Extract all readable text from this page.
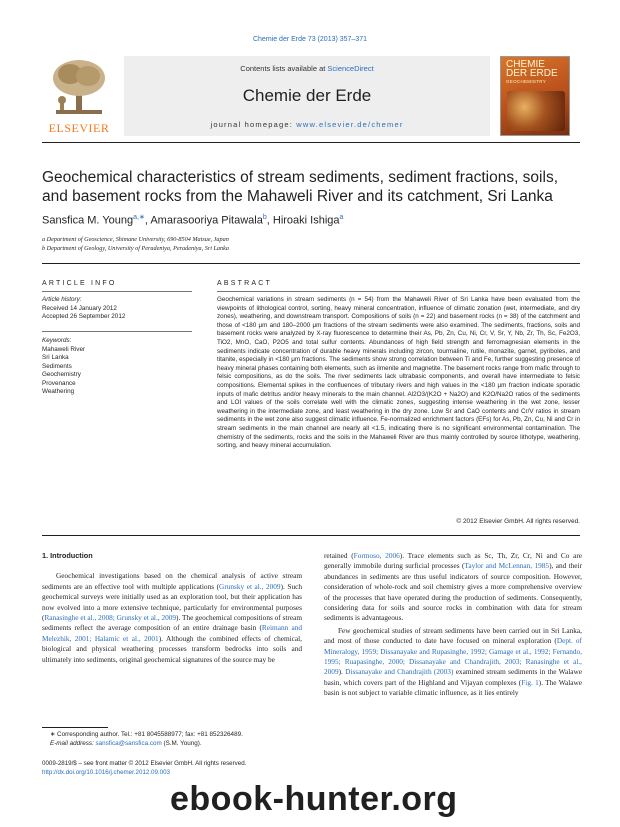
Chemie der Erde 73 (2013) 357–371
ELSEVIER
Contents lists available at ScienceDirect
Chemie der Erde
journal homepage: www.elsevier.de/chemer
CHEMIE DER ERDE
GEOCHEMISTRY
Geochemical characteristics of stream sediments, sediment fractions, soils, and basement rocks from the Mahaweli River and its catchment, Sri Lanka
Sansfica M. Young$^{a,∗}$, Amarasooriya Pitawala$^b$, Hiroaki Ishiga$^a$
a Department of Geoscience, Shimane University, 690-8504 Matsue, Japan
b Department of Geology, University of Peradeniya, Peradeniya, Sri Lanka
ARTICLE INFO
Article history:
Received 14 January 2012
Accepted 26 September 2012
Keywords:
Mahaweli River
Sri Lanka
Sediments
Geochemistry
Provenance
Weathering
ABSTRACT
Geochemical variations in stream sediments (n = 54) from the Mahaweli River of Sri Lanka have been evaluated from the viewpoints of lithological control, sorting, heavy mineral concentration, influence of climatic zonation (wet, intermediate, and dry zones), weathering, and downstream transport. Compositions of soils (n = 22) and basement rocks (n = 38) of the catchment and those of <180 μm and 180–2000 μm fractions of the stream sediments were also examined. The sediments, fractions, soils and basement rocks were analyzed by X-ray fluorescence to determine their As, Pb, Zn, Cu, Ni, Cr, V, Sr, Y, Nb, Zr, Th, Sc, Fe2O3, TiO2, MnO, CaO, P2O5 and total sulfur contents. Abundances of high field strength and ferromagnesian elements in the sediments indicate concentration of durable heavy minerals including zircon, tourmaline, rutile, monazite, garnet, pyriboles, and titanite, especially in <180 μm fractions. The sediments show strong correlation between Ti and Fe, further suggesting presence of heavy mineral phases containing both elements, such as ilmenite and magnetite. The basement rocks range from mafic through to felsic compositions, as do the soils. The river sediments lack ultrabasic components, and overall have intermediate to felsic compositions. Elemental spikes in the confluences of tributary rivers and high values in the <180 μm fraction indicate sporadic inputs of mafic detritus and/or heavy minerals to the main channel. Al2O3/(K2O + Na2O) and K2O/Na2O ratios of the sediments and LOI values of the soils correlate well with the climatic zones, suggesting intense weathering in the wet zone, lesser weathering in the intermediate zone, and least weathering in the dry zone. Low Sr and CaO contents and Cr/V ratios in stream sediments in the wet zone also suggest climatic influence. Fe-normalized enrichment factors (EFs) for As, Pb, Zn, Cu, Ni and Cr in stream sediments in the main channel are nearly all <1.5, indicating there is no significant environmental contamination. The chemistry of the sediments, rocks and the soils in the Mahaweli River are thus mainly controlled by source lithotype, weathering, sorting, and heavy mineral accumulation.
© 2012 Elsevier GmbH. All rights reserved.
1. Introduction

Geochemical investigations based on the chemical analysis of active stream sediments are an effective tool with multiple applications (Grunsky et al., 2009). Such geochemical surveys were initially used as an exploration tool, but their application has now evolved into a more extensive technique, particularly for environmental purposes (Ranasinghe et al., 2008; Grunsky et al., 2009). The geochemical compositions of stream sediments reflect the average composition of an entire drainage basin (Reimann and Melezhik, 2001; Halamic et al., 2001). Although the combined effects of chemical, biological and physical weathering processes transform bedrocks into soils and ultimately into sediments, original geochemical signatures of the source may be

retained (Formoso, 2006). Trace elements such as Sc, Th, Zr, Cr, Ni and Co are generally immobile during surficial processes (Taylor and McLennan, 1985), and their abundances in sediments are thus useful indicators of source composition. However, consideration of whole-rock and soil chemistry gives a more comprehensive overview of the processes that have operated during the production of sediments. Consequently, considering data for soils and source rocks in combination with data for stream sediments is advantageous.

Few geochemical studies of stream sediments have been carried out in Sri Lanka, and most of those conducted to date have focused on mineral exploration (Dept. of Mineralogy, 1959; Dissanayake and Rupasinghe, 1992; Gamage et al., 1992; Fernando, 1995; Ruapasinghe, 2000; Dissanayake and Chandrajith, 2003; Ranasinghe et al., 2009). Dissanayake and Chandrajith (2003) examined stream sediments in the Walawe basin, which covers part of the Highland and Vijayan complexes (Fig. 1). The Walawe basin is not subject to variable climatic influence, as it lies entirely

∗ Corresponding author. Tel.: +81 8045588977; fax: +81 852326489.
E-mail address: sansfica@sansfica.com (S.M. Young).
0009-2819/$ – see front matter © 2012 Elsevier GmbH. All rights reserved.
http://dx.doi.org/10.1016/j.chemer.2012.09.003
ebook-hunter.org
